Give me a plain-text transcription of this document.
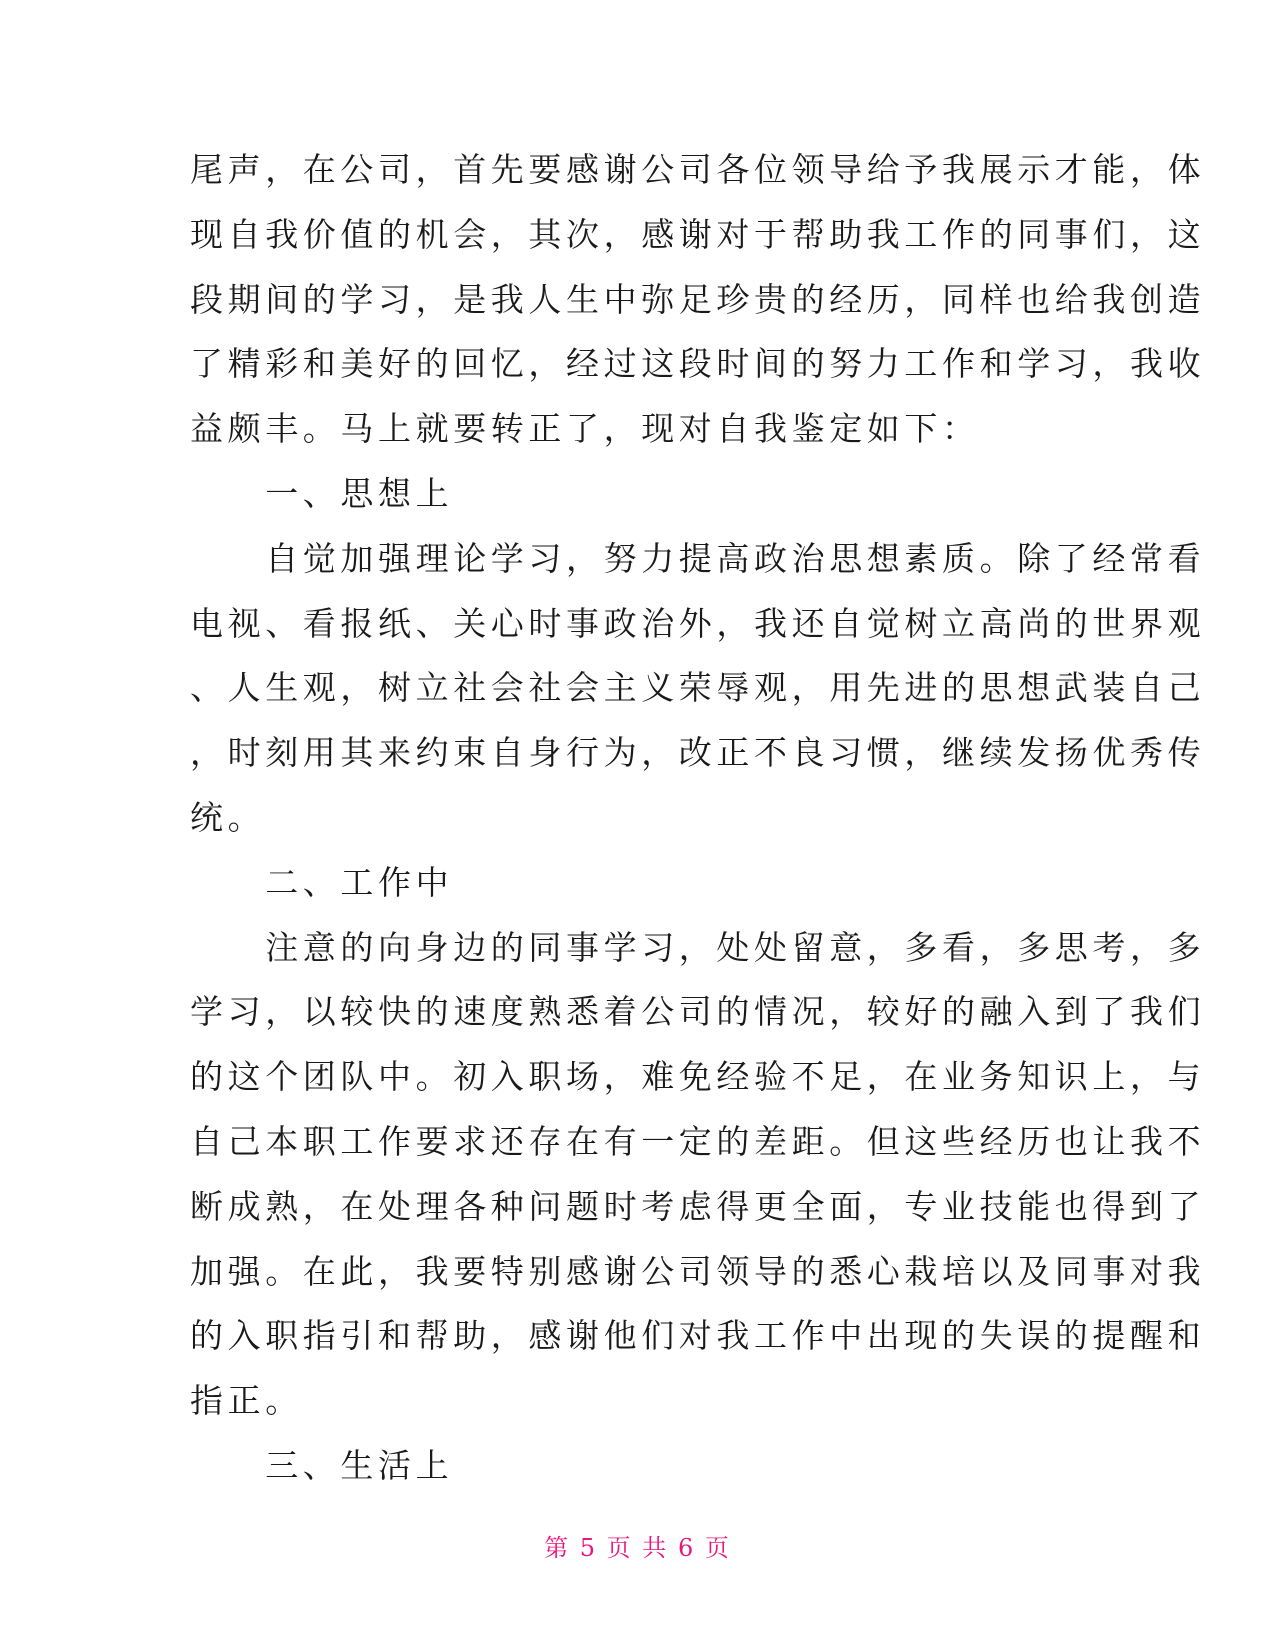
尾声，在公司，首先要感谢公司各位领导给予我展示才能，体
现自我价值的机会，其次，感谢对于帮助我工作的同事们，这
段期间的学习，是我人生中弥足珍贵的经历，同样也给我创造
了精彩和美好的回忆，经过这段时间的努力工作和学习，我收
益颇丰。马上就要转正了，现对自我鉴定如下：
　　一、思想上
　　自觉加强理论学习，努力提高政治思想素质。除了经常看
电视、看报纸、关心时事政治外，我还自觉树立高尚的世界观
、人生观，树立社会社会主义荣辱观，用先进的思想武装自己
，时刻用其来约束自身行为，改正不良习惯，继续发扬优秀传
统。
　　二、工作中
　　注意的向身边的同事学习，处处留意，多看，多思考，多
学习，以较快的速度熟悉着公司的情况，较好的融入到了我们
的这个团队中。初入职场，难免经验不足，在业务知识上，与
自己本职工作要求还存在有一定的差距。但这些经历也让我不
断成熟，在处理各种问题时考虑得更全面，专业技能也得到了
加强。在此，我要特别感谢公司领导的悉心栽培以及同事对我
的入职指引和帮助，感谢他们对我工作中出现的失误的提醒和
指正。
　　三、生活上
第 5 页 共 6 页
